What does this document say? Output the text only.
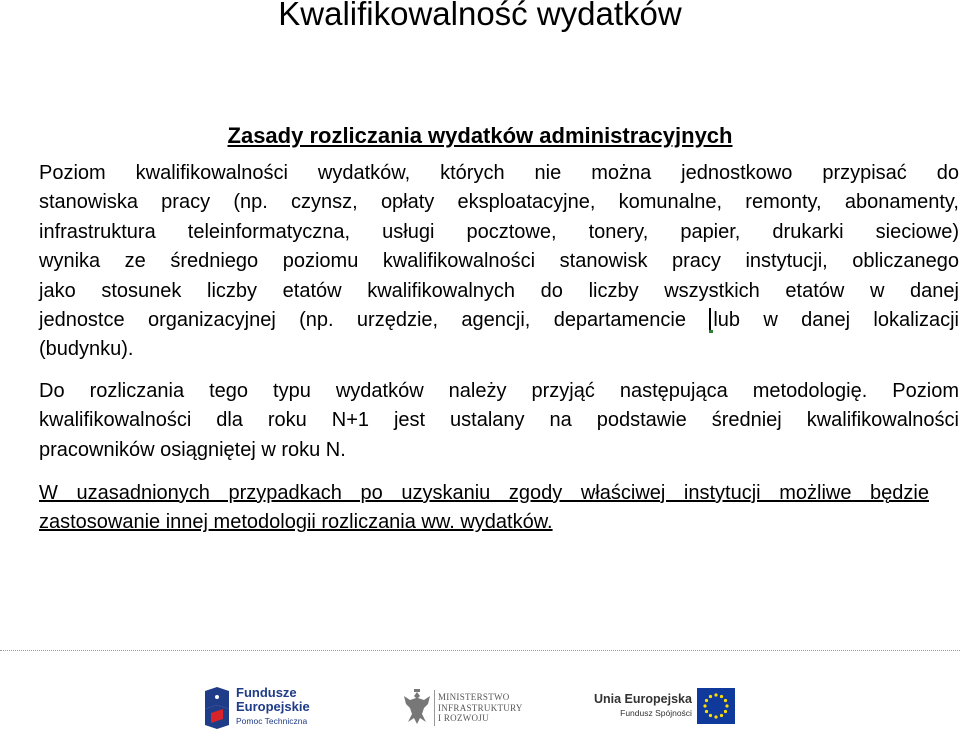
Kwalifikowalność wydatków
Zasady rozliczania wydatków administracyjnych
Poziom kwalifikowalności wydatków, których nie można jednostkowo przypisać do
stanowiska pracy (np. czynsz, opłaty eksploatacyjne, komunalne, remonty, abonamenty,
infrastruktura teleinformatyczna, usługi pocztowe, tonery, papier, drukarki sieciowe)
wynika ze średniego poziomu kwalifikowalności stanowisk pracy instytucji, obliczanego
jako stosunek liczby etatów kwalifikowalnych do liczby wszystkich etatów w danej
jednostce organizacyjnej (np. urzędzie, agencji, departamencie lub w danej lokalizacji
(budynku).
Do rozliczania tego typu wydatków należy przyjąć następująca metodologię. Poziom
kwalifikowalności dla roku N+1 jest ustalany na podstawie średniej kwalifikowalności
pracowników osiągniętej w roku N.
W uzasadnionych przypadkach po uzyskaniu zgody właściwej instytucji możliwe będzie
zastosowanie innej metodologii rozliczania ww. wydatków.
Fundusze
Europejskie
Pomoc Techniczna
MINISTERSTWO
INFRASTRUKTURY
I ROZWOJU
Unia Europejska
Fundusz Spójności
